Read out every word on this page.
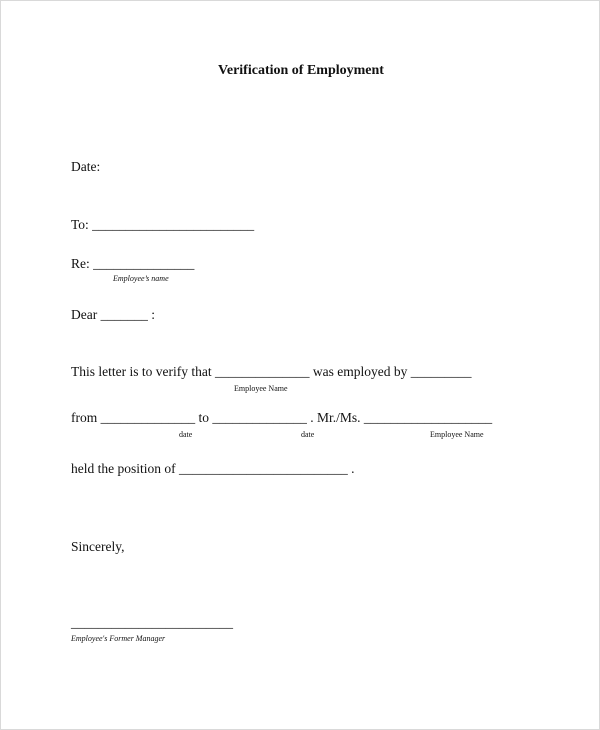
Verification of Employment
Date:
To: ________________________
Re: _______________
Employee’s name
Dear _______ :
This letter is to verify that ______________ was employed by _________
Employee Name
from ______________ to ______________ . Mr./Ms. ___________________
date	date	Employee Name
held the position of _________________________ .
Sincerely,
________________________
Employee's Former Manager
